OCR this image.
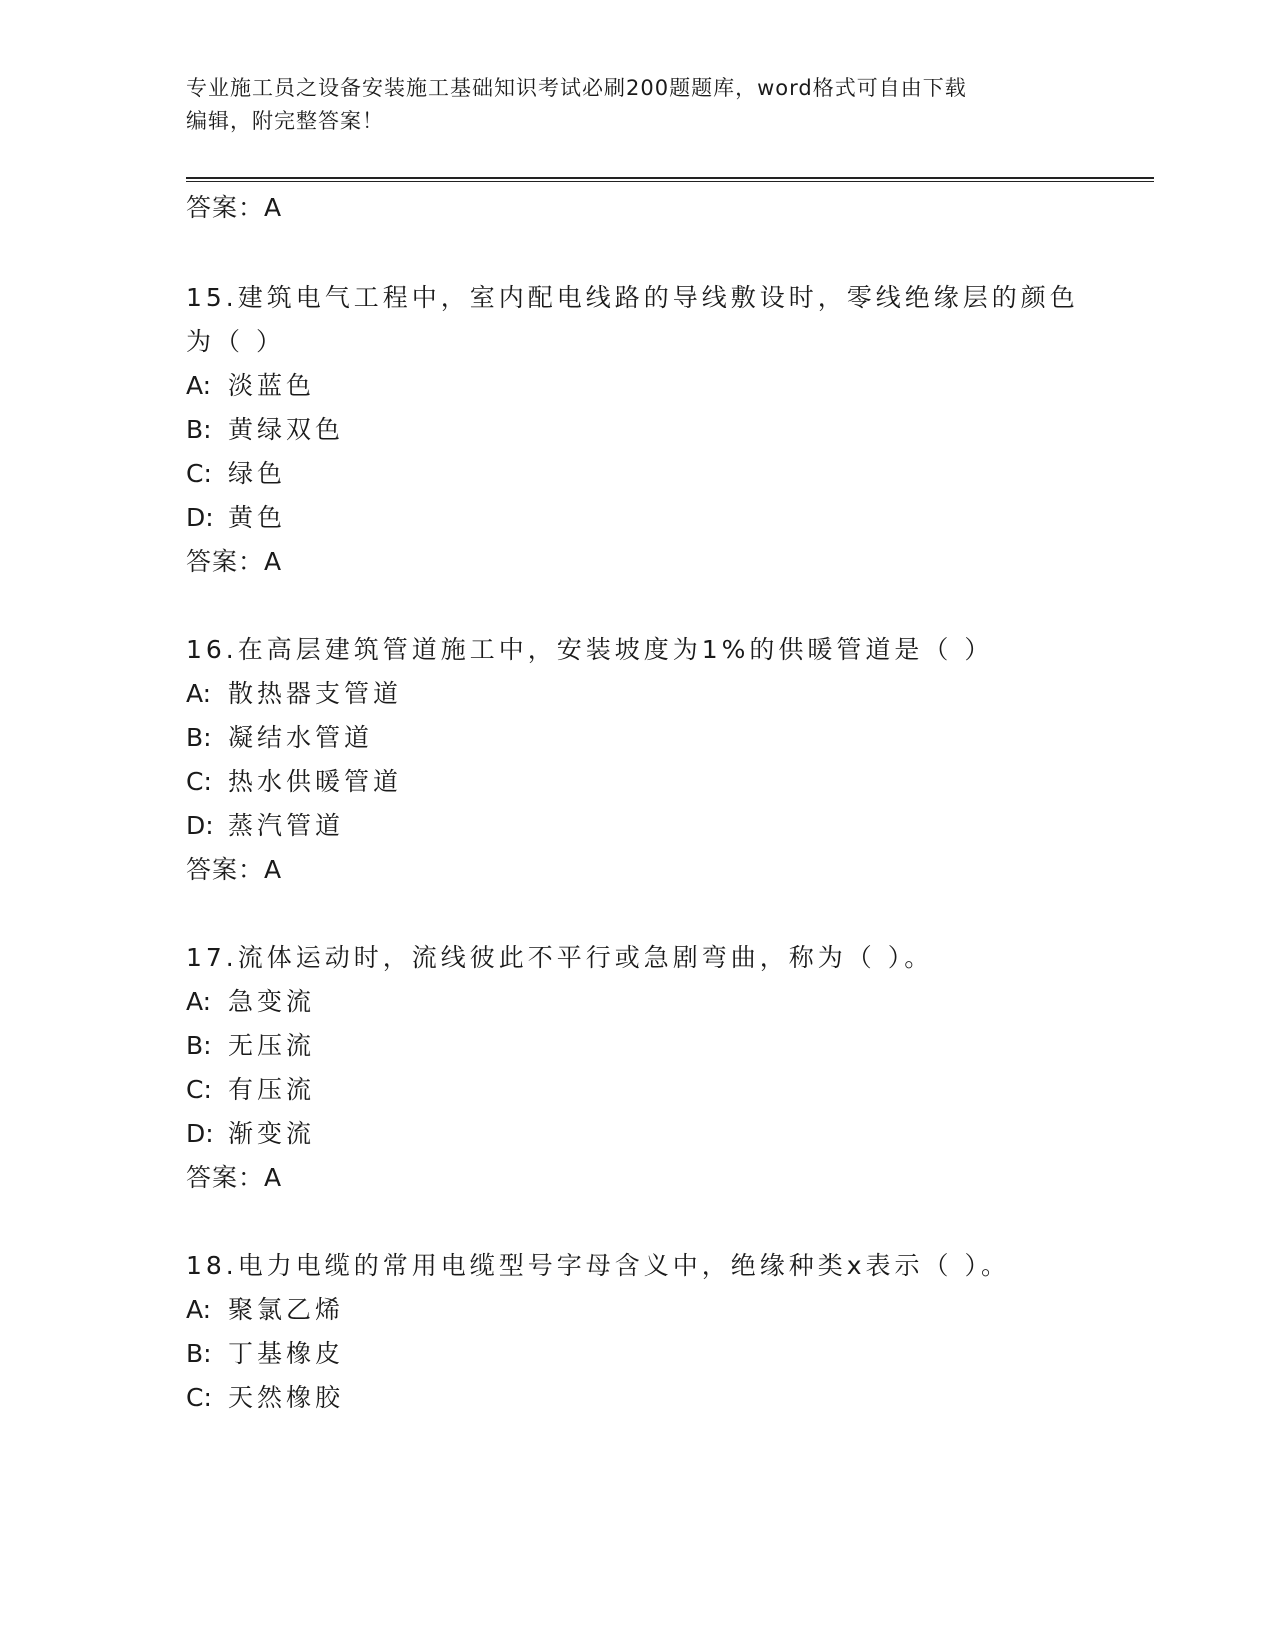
专业施工员之设备安装施工基础知识考试必刷200题题库，word格式可自由下载
编辑，附完整答案！
答案：A
15.建筑电气工程中，室内配电线路的导线敷设时，零线绝缘层的颜色
为（ ）
A: 淡蓝色
B: 黄绿双色
C: 绿色
D: 黄色
答案：A
16.在高层建筑管道施工中，安装坡度为1%的供暖管道是（ ）
A: 散热器支管道
B: 凝结水管道
C: 热水供暖管道
D: 蒸汽管道
答案：A
17.流体运动时，流线彼此不平行或急剧弯曲，称为（ ）。
A: 急变流
B: 无压流
C: 有压流
D: 渐变流
答案：A
18.电力电缆的常用电缆型号字母含义中，绝缘种类x表示（ ）。
A: 聚氯乙烯
B: 丁基橡皮
C: 天然橡胶
